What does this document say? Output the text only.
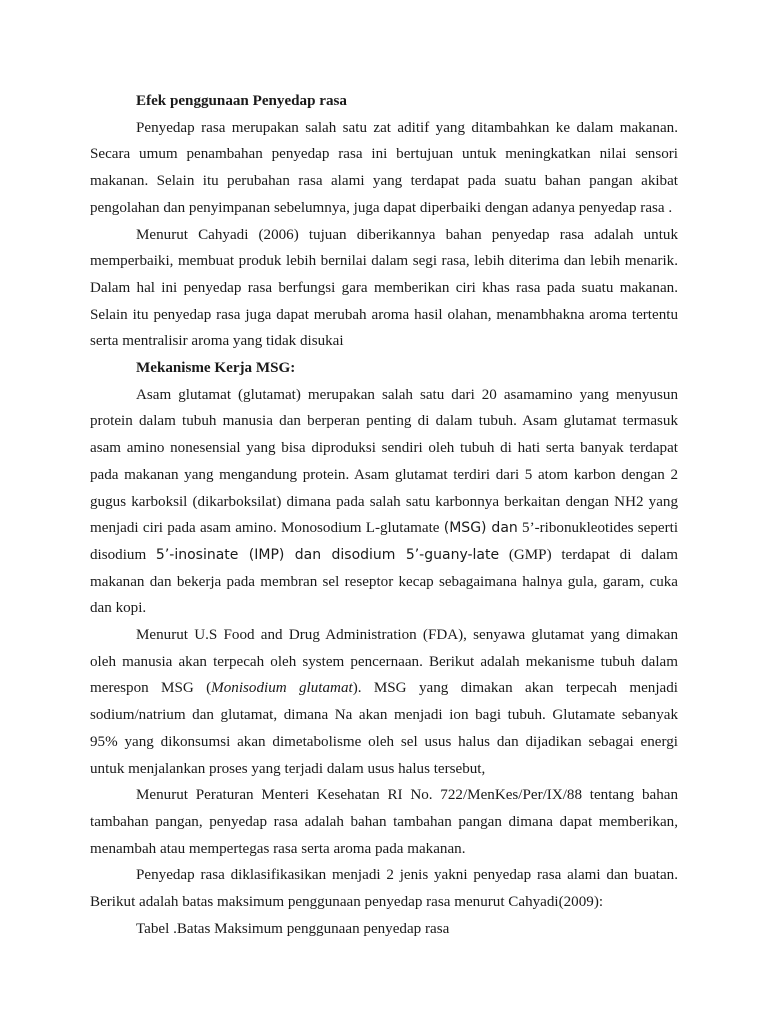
Efek penggunaan Penyedap rasa

Penyedap rasa merupakan salah satu zat aditif yang ditambahkan ke dalam makanan. Secara umum penambahan penyedap rasa ini bertujuan untuk meningkatkan nilai sensori makanan. Selain itu perubahan rasa alami yang terdapat pada suatu bahan pangan akibat pengolahan dan penyimpanan sebelumnya, juga dapat diperbaiki dengan adanya penyedap rasa .

Menurut Cahyadi (2006) tujuan diberikannya bahan penyedap rasa adalah untuk memperbaiki, membuat produk lebih bernilai dalam segi rasa, lebih diterima dan lebih menarik. Dalam hal ini penyedap rasa berfungsi gara memberikan ciri khas rasa pada suatu makanan. Selain itu penyedap rasa juga dapat merubah aroma hasil olahan, menambhakna aroma tertentu serta mentralisir aroma yang tidak disukai

Mekanisme Kerja MSG:

Asam glutamat (glutamat) merupakan salah satu dari 20 asamamino yang menyusun protein dalam tubuh manusia dan berperan penting di dalam tubuh. Asam glutamat termasuk asam amino nonesensial yang bisa diproduksi sendiri oleh tubuh di hati serta banyak terdapat pada makanan yang mengandung protein. Asam glutamat terdiri dari 5 atom karbon dengan 2 gugus karboksil (dikarboksilat) dimana pada salah satu karbonnya berkaitan dengan NH2 yang menjadi ciri pada asam amino. Monosodium L-glutamate (MSG) dan 5’-ribonukleotides seperti disodium 5’-inosinate (IMP) dan disodium 5’-guany-late (GMP) terdapat di dalam makanan dan bekerja pada membran sel reseptor kecap sebagaimana halnya gula, garam, cuka dan kopi.

Menurut U.S Food and Drug Administration (FDA), senyawa glutamat yang dimakan oleh manusia akan terpecah oleh system pencernaan. Berikut adalah mekanisme tubuh dalam merespon MSG (Monisodium glutamat). MSG yang dimakan akan terpecah menjadi sodium/natrium dan glutamat, dimana Na akan menjadi ion bagi tubuh. Glutamate sebanyak 95% yang dikonsumsi akan dimetabolisme oleh sel usus halus dan dijadikan sebagai energi untuk menjalankan proses yang terjadi dalam usus halus tersebut,

Menurut Peraturan Menteri Kesehatan RI No. 722/MenKes/Per/IX/88 tentang bahan tambahan pangan, penyedap rasa adalah bahan tambahan pangan dimana dapat memberikan, menambah atau mempertegas rasa serta aroma pada makanan.

Penyedap rasa diklasifikasikan menjadi 2 jenis yakni penyedap rasa alami dan buatan. Berikut adalah batas maksimum penggunaan penyedap rasa menurut Cahyadi(2009):

Tabel .Batas Maksimum penggunaan penyedap rasa
